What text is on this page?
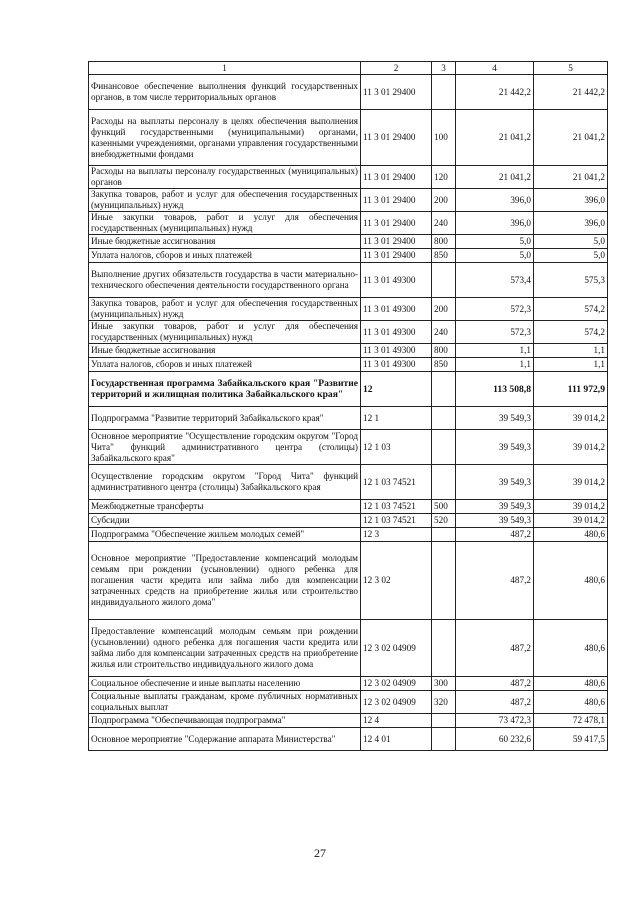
1	2	3	4	5
Финансовое обеспечение выполнения функций государственных органов, в том числе территориальных органов	11 3 01 29400		21 442,2	21 442,2
Расходы на выплаты персоналу в целях обеспечения выполнения функций государственными (муниципальными) органами, казенными учреждениями, органами управления государственными внебюджетными фондами	11 3 01 29400	100	21 041,2	21 041,2
Расходы на выплаты персоналу государственных (муниципальных) органов	11 3 01 29400	120	21 041,2	21 041,2
Закупка товаров, работ и услуг для обеспечения государственных (муниципальных) нужд	11 3 01 29400	200	396,0	396,0
Иные закупки товаров, работ и услуг для обеспечения государственных (муниципальных) нужд	11 3 01 29400	240	396,0	396,0
Иные бюджетные ассигнования	11 3 01 29400	800	5,0	5,0
Уплата налогов, сборов и иных платежей	11 3 01 29400	850	5,0	5,0
Выполнение других обязательств государства в части материально-технического обеспечения деятельности государственного органа	11 3 01 49300		573,4	575,3
Закупка товаров, работ и услуг для обеспечения государственных (муниципальных) нужд	11 3 01 49300	200	572,3	574,2
Иные закупки товаров, работ и услуг для обеспечения государственных (муниципальных) нужд	11 3 01 49300	240	572,3	574,2
Иные бюджетные ассигнования	11 3 01 49300	800	1,1	1,1
Уплата налогов, сборов и иных платежей	11 3 01 49300	850	1,1	1,1
Государственная программа Забайкальского края "Развитие территорий и жилищная политика Забайкальского края"	12		113 508,8	111 972,9
Подпрограмма "Развитие территорий Забайкальского края"	12 1		39 549,3	39 014,2
Основное мероприятие "Осуществление городским округом "Город Чита" функций административного центра (столицы) Забайкальского края"	12 1 03		39 549,3	39 014,2
Осуществление городским округом "Город Чита" функций административного центра (столицы) Забайкальского края	12 1 03 74521		39 549,3	39 014,2
Межбюджетные трансферты	12 1 03 74521	500	39 549,3	39 014,2
Субсидии	12 1 03 74521	520	39 549,3	39 014,2
Подпрограмма "Обеспечение жильем молодых семей"	12 3		487,2	480,6
Основное мероприятие "Предоставление компенсаций молодым семьям при рождении (усыновлении) одного ребенка для погашения части кредита или займа либо для компенсации затраченных средств на приобретение жилья или строительство индивидуального жилого дома"	12 3 02		487,2	480,6
Предоставление компенсаций молодым семьям при рождении (усыновлении) одного ребенка для погашения части кредита или займа либо для компенсации затраченных средств на приобретение жилья или строительство индивидуального жилого дома	12 3 02 04909		487,2	480,6
Социальное обеспечение и иные выплаты населению	12 3 02 04909	300	487,2	480,6
Социальные выплаты гражданам, кроме публичных нормативных социальных выплат	12 3 02 04909	320	487,2	480,6
Подпрограмма "Обеспечивающая подпрограмма"	12 4		73 472,3	72 478,1
Основное мероприятие "Содержание аппарата Министерства"	12 4 01		60 232,6	59 417,5
27
